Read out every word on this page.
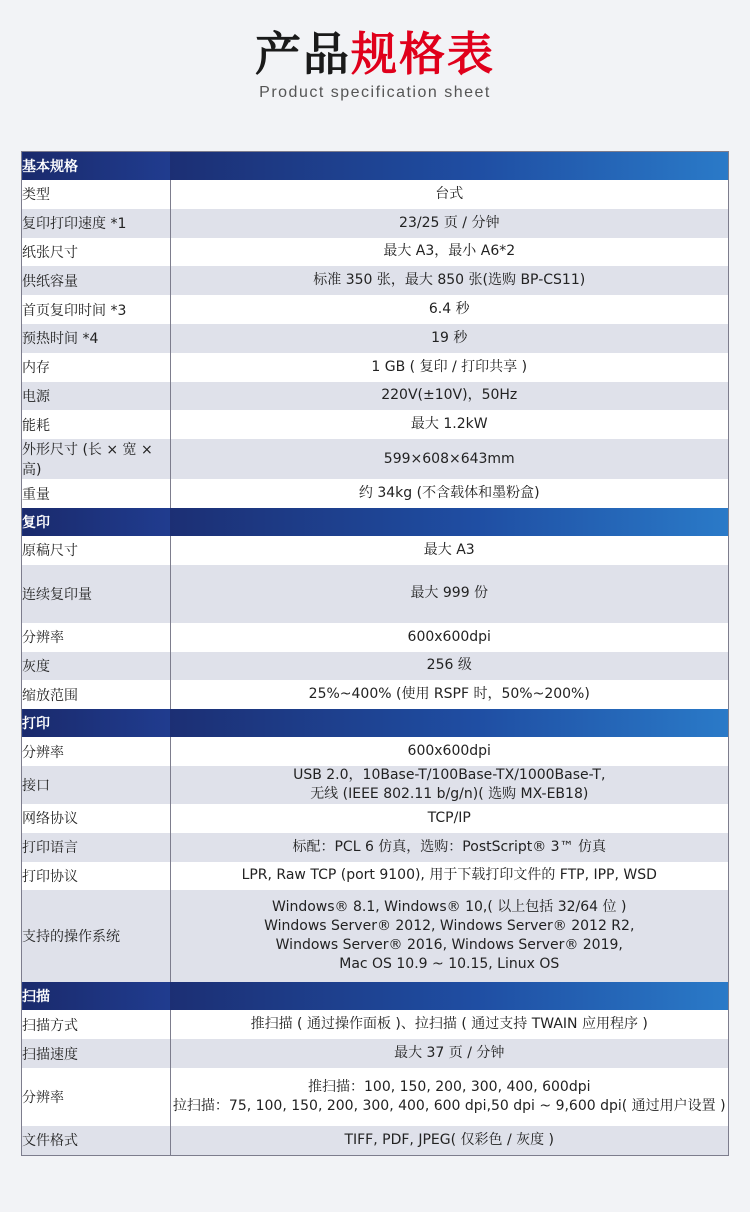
产品规格表
Product specification sheet
基本规格	
类型	台式
复印打印速度 *1	23/25 页 / 分钟
纸张尺寸	最大 A3，最小 A6*2
供纸容量	标准 350 张，最大 850 张(选购 BP-CS11)
首页复印时间 *3	6.4 秒
预热时间 *4	19 秒
内存	1 GB ( 复印 / 打印共享 )
电源	220V(±10V)，50Hz
能耗	最大 1.2kW
外形尺寸 (长 × 宽 × 高)	599×608×643mm
重量	约 34kg (不含载体和墨粉盒)
复印	
原稿尺寸	最大 A3
连续复印量	最大 999 份
分辨率	600x600dpi
灰度	256 级
缩放范围	25%~400% (使用 RSPF 时，50%~200%)
打印	
分辨率	600x600dpi
接口	USB 2.0，10Base-T/100Base-TX/1000Base-T,
无线 (IEEE 802.11 b/g/n)( 选购 MX-EB18)

网络协议	TCP/IP
打印语言	标配：PCL 6 仿真，选购：PostScript® 3™ 仿真
打印协议	LPR, Raw TCP (port 9100), 用于下载打印文件的 FTP, IPP, WSD
支持的操作系统	Windows® 8.1, Windows® 10,( 以上包括 32/64 位 )
Windows Server® 2012, Windows Server® 2012 R2,
Windows Server® 2016, Windows Server® 2019,
Mac OS 10.9 ~ 10.15, Linux OS

扫描	
扫描方式	推扫描 ( 通过操作面板 )、拉扫描 ( 通过支持 TWAIN 应用程序 )
扫描速度	最大 37 页 / 分钟
分辨率	推扫描：100, 150, 200, 300, 400, 600dpi
拉扫描：75, 100, 150, 200, 300, 400, 600 dpi,50 dpi ~ 9,600 dpi( 通过用户设置 )

文件格式	TIFF, PDF, JPEG( 仅彩色 / 灰度 )
